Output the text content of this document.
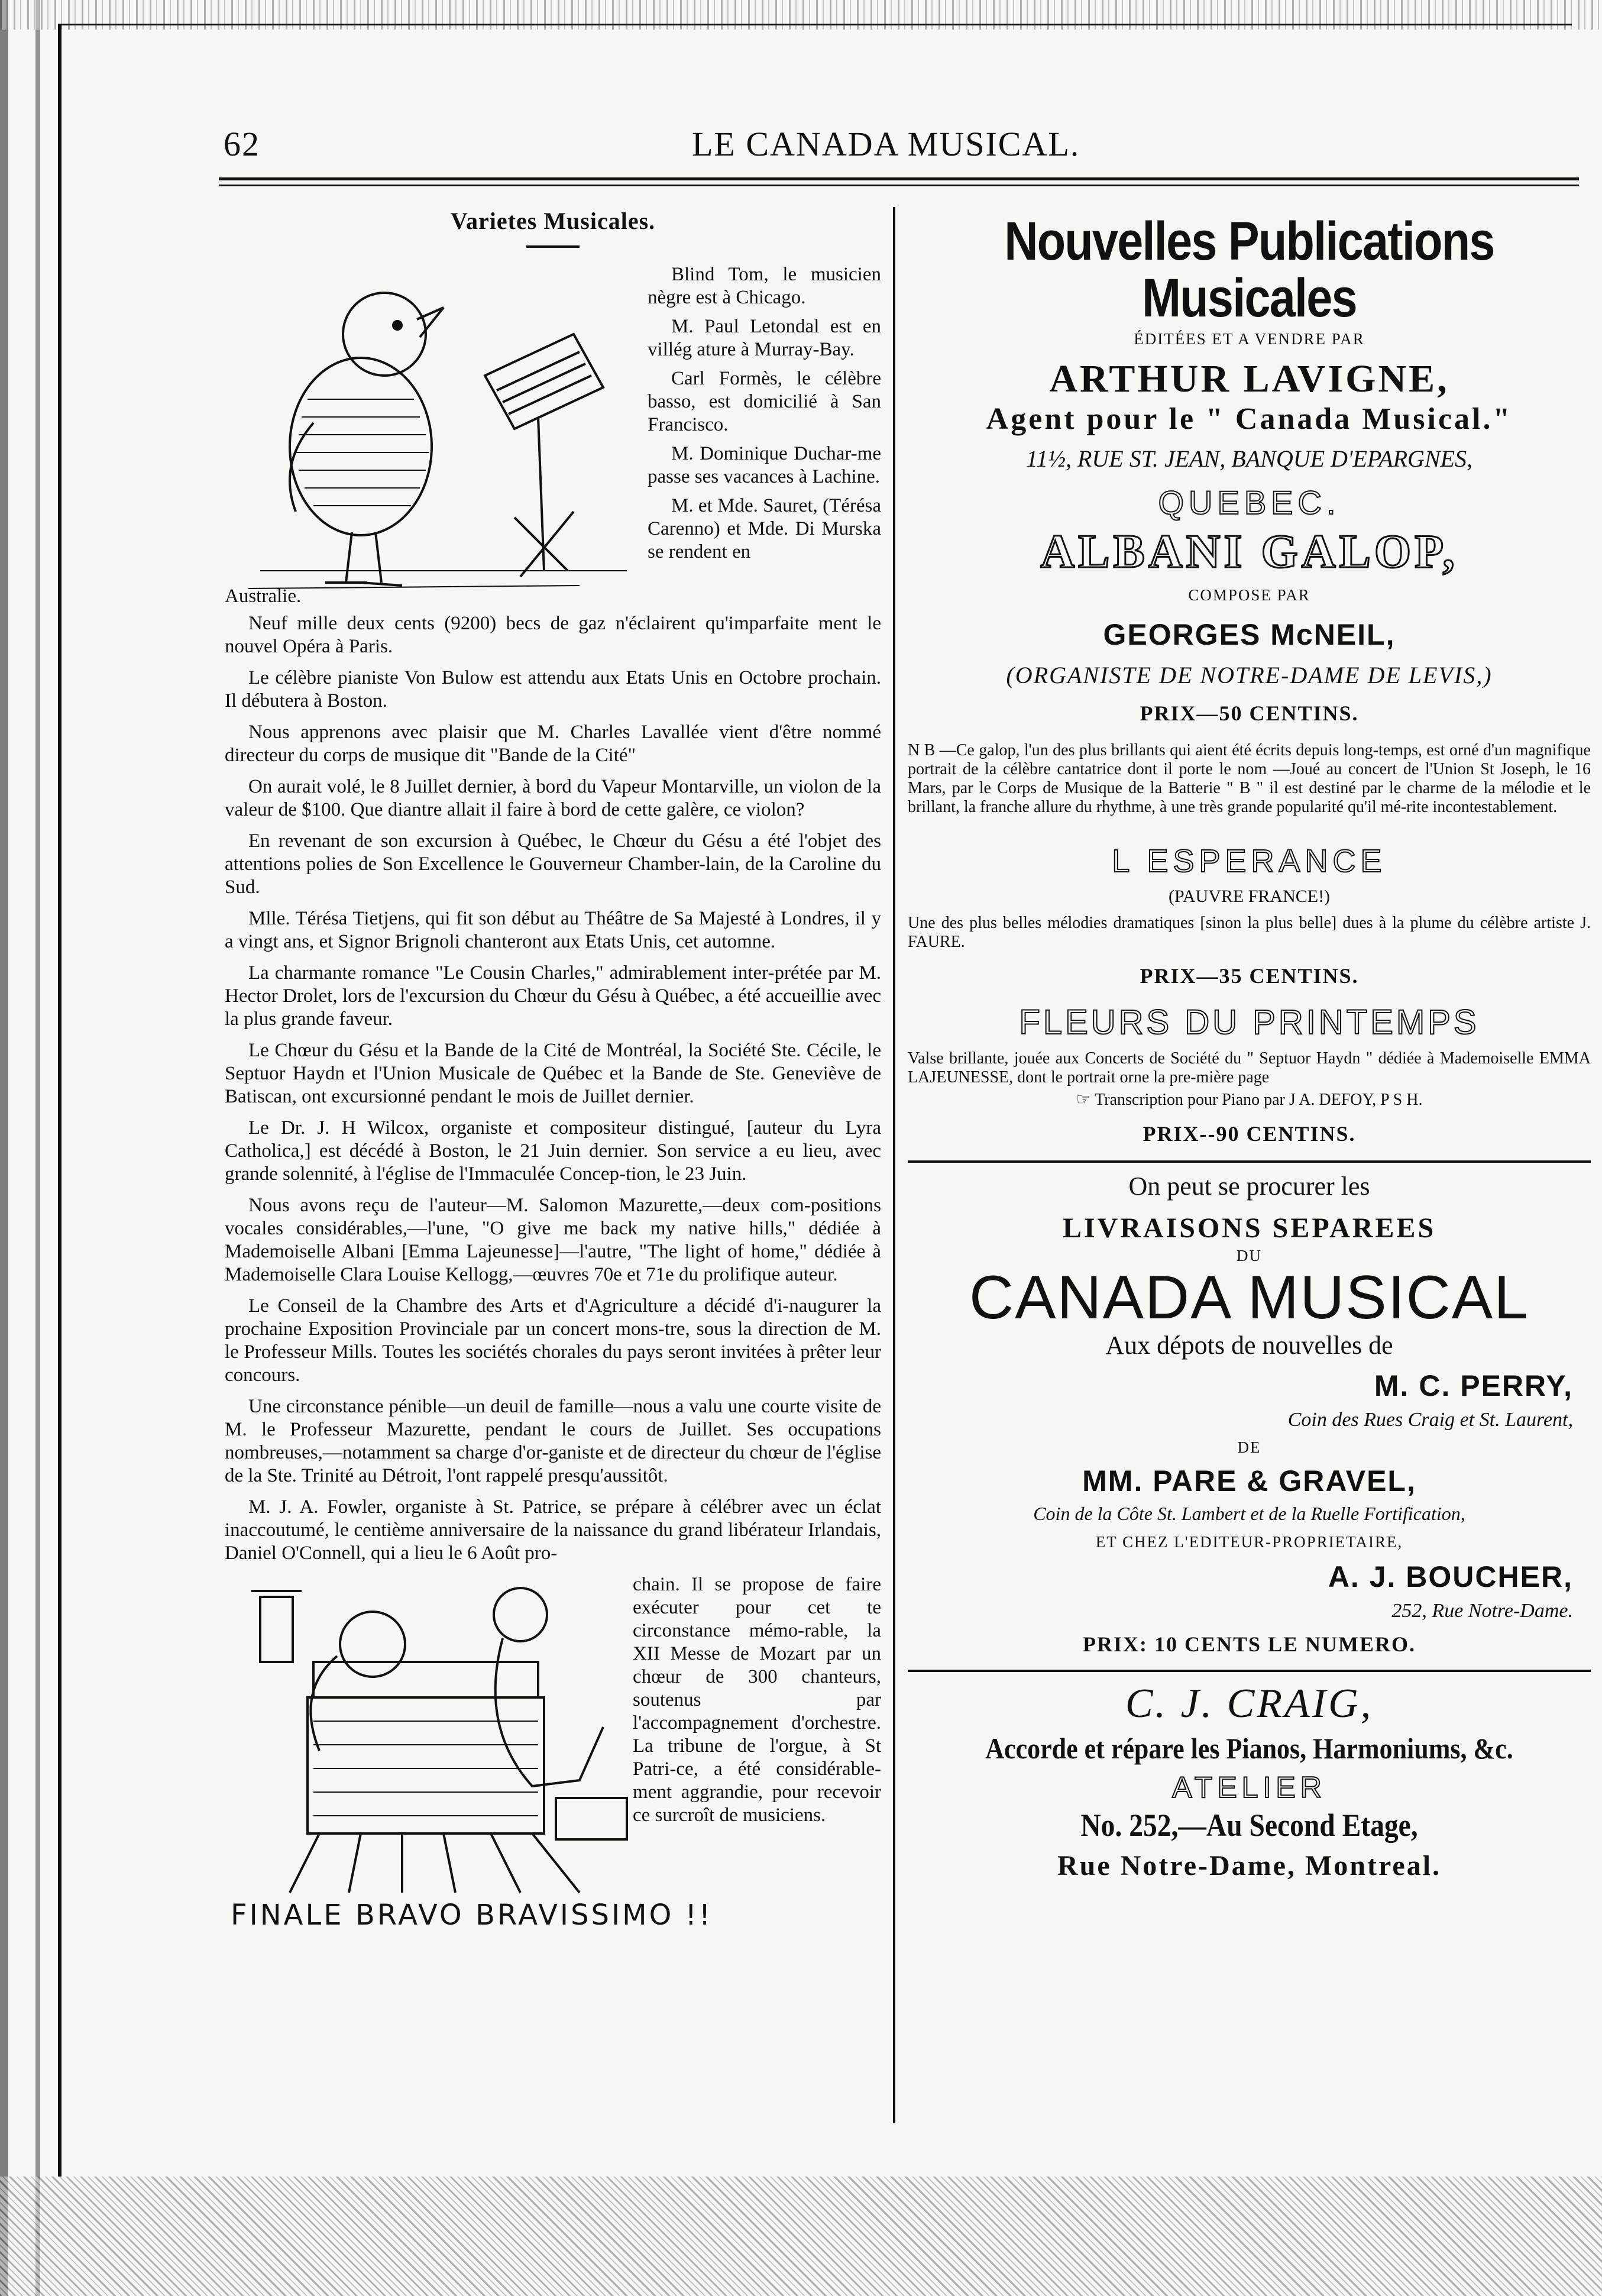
62	LE CANADA MUSICAL.
Varietes Musicales.

Blind Tom, le musicien nègre est à Chicago.

M. Paul Letondal est en villég ature à Murray-Bay.

Carl Formès, le célèbre basso, est domicilié à San Francisco.

M. Dominique Duchar-me passe ses vacances à Lachine.

M. et Mde. Sauret, (Térésa Carenno) et Mde. Di Murska se rendent en

Australie.

Neuf mille deux cents (9200) becs de gaz n'éclairent qu'imparfaite ment le nouvel Opéra à Paris.

Le célèbre pianiste Von Bulow est attendu aux Etats Unis en Octobre prochain. Il débutera à Boston.

Nous apprenons avec plaisir que M. Charles Lavallée vient d'être nommé directeur du corps de musique dit "Bande de la Cité"

On aurait volé, le 8 Juillet dernier, à bord du Vapeur Montarville, un violon de la valeur de $100. Que diantre allait il faire à bord de cette galère, ce violon?

En revenant de son excursion à Québec, le Chœur du Gésu a été l'objet des attentions polies de Son Excellence le Gouverneur Chamber-lain, de la Caroline du Sud.

Mlle. Térésa Tietjens, qui fit son début au Théâtre de Sa Majesté à Londres, il y a vingt ans, et Signor Brignoli chanteront aux Etats Unis, cet automne.

La charmante romance "Le Cousin Charles," admirablement inter-prétée par M. Hector Drolet, lors de l'excursion du Chœur du Gésu à Québec, a été accueillie avec la plus grande faveur.

Le Chœur du Gésu et la Bande de la Cité de Montréal, la Société Ste. Cécile, le Septuor Haydn et l'Union Musicale de Québec et la Bande de Ste. Geneviève de Batiscan, ont excursionné pendant le mois de Juillet dernier.

Le Dr. J. H Wilcox, organiste et compositeur distingué, [auteur du Lyra Catholica,] est décédé à Boston, le 21 Juin dernier. Son service a eu lieu, avec grande solennité, à l'église de l'Immaculée Concep-tion, le 23 Juin.

Nous avons reçu de l'auteur—M. Salomon Mazurette,—deux com-positions vocales considérables,—l'une, "O give me back my native hills," dédiée à Mademoiselle Albani [Emma Lajeunesse]—l'autre, "The light of home," dédiée à Mademoiselle Clara Louise Kellogg,—œuvres 70e et 71e du prolifique auteur.

Le Conseil de la Chambre des Arts et d'Agriculture a décidé d'i-naugurer la prochaine Exposition Provinciale par un concert mons-tre, sous la direction de M. le Professeur Mills. Toutes les sociétés chorales du pays seront invitées à prêter leur concours.

Une circonstance pénible—un deuil de famille—nous a valu une courte visite de M. le Professeur Mazurette, pendant le cours de Juillet. Ses occupations nombreuses,—notamment sa charge d'or-ganiste et de directeur du chœur de l'église de la Ste. Trinité au Détroit, l'ont rappelé presqu'aussitôt.

M. J. A. Fowler, organiste à St. Patrice, se prépare à célébrer avec un éclat inaccoutumé, le centième anniversaire de la naissance du grand libérateur Irlandais, Daniel O'Connell, qui a lieu le 6 Août pro-

chain. Il se propose de faire exécuter pour cet te circonstance mémo-rable, la XII Messe de Mozart par un chœur de 300 chanteurs, soutenus par l'accompagnement d'orchestre. La tribune de l'orgue, à St Patri-ce, a été considérable-ment aggrandie, pour recevoir ce surcroît de musiciens.

FINALE BRAVO BRAVISSIMO !!
Nouvelles Publications Musicales
ÉDITÉES ET A VENDRE PAR
ARTHUR LAVIGNE,
Agent pour le " Canada Musical."
11½, RUE ST. JEAN, BANQUE D'EPARGNES,
QUEBEC.
ALBANI GALOP,
COMPOSE PAR
GEORGES McNEIL,
(ORGANISTE DE NOTRE-DAME DE LEVIS,)
PRIX—50 CENTINS.

N B —Ce galop, l'un des plus brillants qui aient été écrits depuis long-temps, est orné d'un magnifique portrait de la célèbre cantatrice dont il porte le nom —Joué au concert de l'Union St Joseph, le 16 Mars, par le Corps de Musique de la Batterie " B " il est destiné par le charme de la mélodie et le brillant, la franche allure du rhythme, à une très grande popularité qu'il mé-rite incontestablement.

L ESPERANCE
(PAUVRE FRANCE!)

Une des plus belles mélodies dramatiques [sinon la plus belle] dues à la plume du célèbre artiste J. FAURE.

PRIX—35 CENTINS.
FLEURS DU PRINTEMPS

Valse brillante, jouée aux Concerts de Société du " Septuor Haydn " dédiée à Mademoiselle EMMA LAJEUNESSE, dont le portrait orne la pre-mière page

☞ Transcription pour Piano par J A. DEFOY, P S H.
PRIX--90 CENTINS.
On peut se procurer les
LIVRAISONS SEPAREES
DU
CANADA MUSICAL
Aux dépots de nouvelles de
M. C. PERRY,
Coin des Rues Craig et St. Laurent,
DE
MM. PARE & GRAVEL,
Coin de la Côte St. Lambert et de la Ruelle Fortification,
ET CHEZ L'EDITEUR-PROPRIETAIRE,
A. J. BOUCHER,
252, Rue Notre-Dame.
PRIX: 10 CENTS LE NUMERO.
C. J. CRAIG,
Accorde et répare les Pianos, Harmoniums, &c.
ATELIER
No. 252,—Au Second Etage,
Rue Notre-Dame, Montreal.
